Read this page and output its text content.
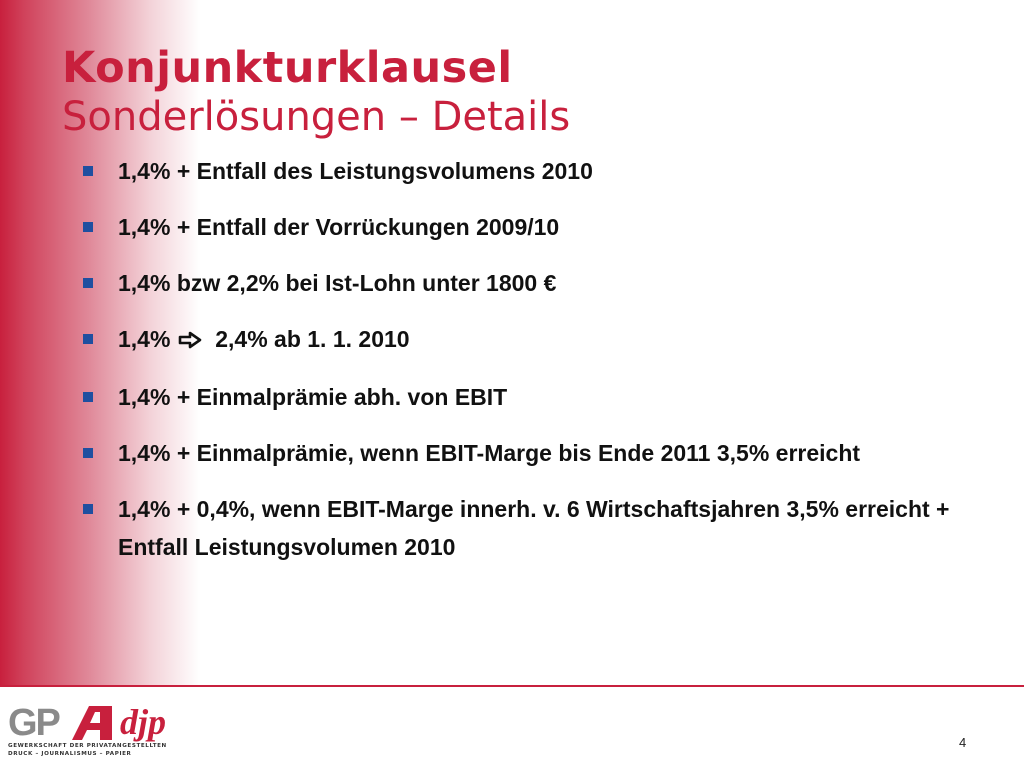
Konjunkturklausel
Sonderlösungen – Details
1,4% + Entfall des Leistungsvolumens 2010
1,4% + Entfall der Vorrückungen 2009/10
1,4% bzw 2,2% bei Ist-Lohn unter 1800 €
1,4% 2,4% ab 1. 1. 2010
1,4% + Einmalprämie abh. von EBIT
1,4% + Einmalprämie, wenn EBIT-Marge bis Ende 2011 3,5% erreicht
1,4% + 0,4%, wenn EBIT-Marge innerh. v. 6 Wirtschaftsjahren 3,5% erreicht + Entfall Leistungsvolumen 2010
GP djp
GEWERKSCHAFT DER PRIVATANGESTELLTEN
DRUCK – JOURNALISMUS – PAPIER
4
